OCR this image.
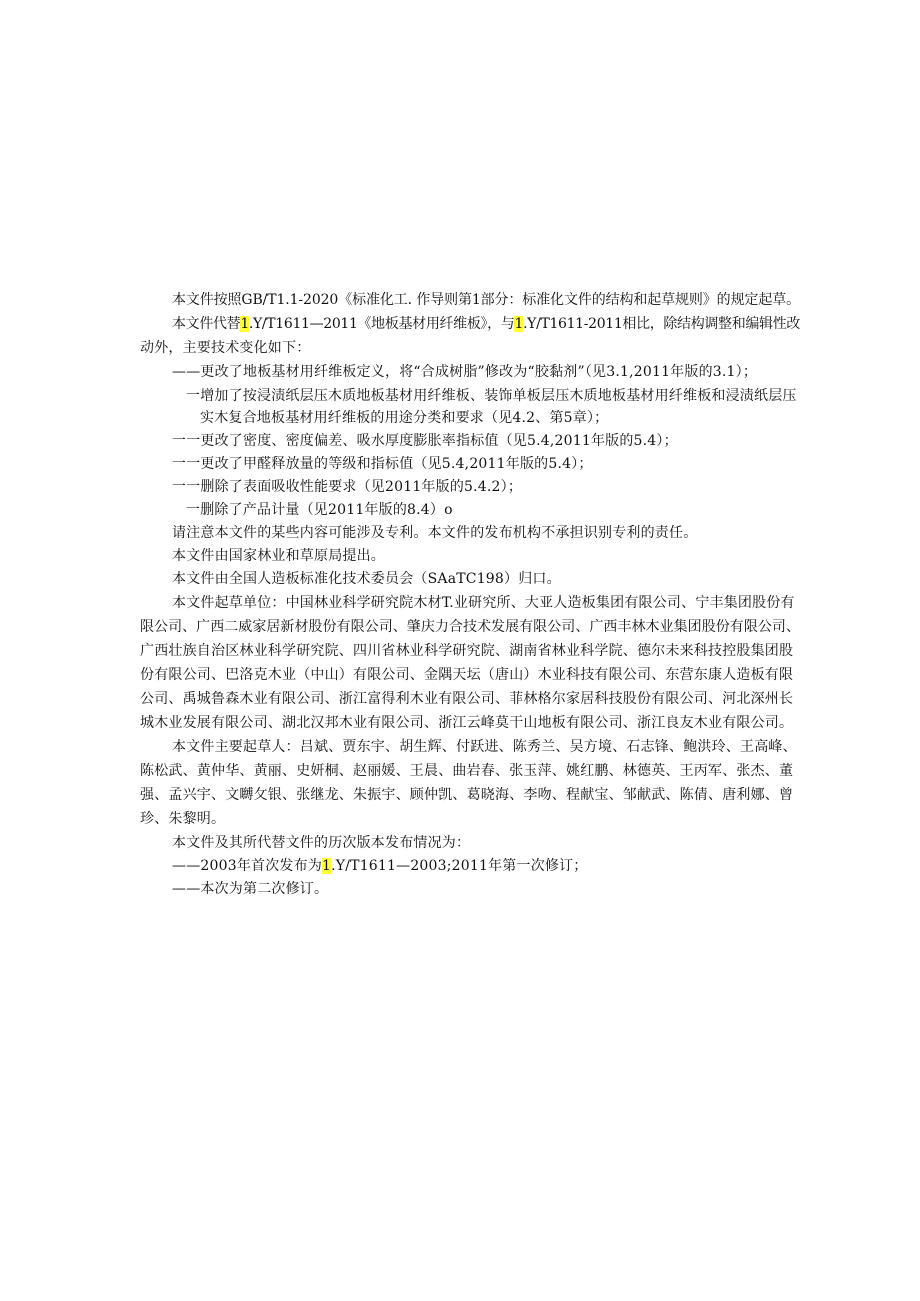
本文件按照GB/T1.1-2020《标准化工. 作导则第1部分：标准化文件的结构和起草规则》的规定起草。
本文件代替1.Y/T1611—2011《地板基材用纤维板》，与1.Y/T1611-2011相比，除结构调整和编辑性改
动外，主要技术变化如下：
——更改了地板基材用纤维板定义，将“合成树脂”修改为“胶黏剂”（见3.1,2011年版的3.1）；
一增加了按浸渍纸层压木质地板基材用纤维板、装饰单板层压木质地板基材用纤维板和浸渍纸层压
实木复合地板基材用纤维板的用途分类和要求（见4.2、第5章）；
一一更改了密度、密度偏差、吸水厚度膨胀率指标值（见5.4,2011年版的5.4）；
一一更改了甲醛释放量的等级和指标值（见5.4,2011年版的5.4）；
一一删除了表面吸收性能要求（见2011年版的5.4.2）；
一删除了产品计量（见2011年版的8.4）o
请注意本文件的某些内容可能涉及专利。本文件的发布机构不承担识别专利的责任。
本文件由国家林业和草原局提出。
本文件由全国人造板标准化技术委员会（SAaTC198）归口。
本文件起草单位：中国林业科学研究院木材T.业研究所、大亚人造板集团有限公司、宁丰集团股份有
限公司、广西二威家居新材股份有限公司、肇庆力合技术发展有限公司、广西丰林木业集团股份有限公司、
广西壮族自治区林业科学研究院、四川省林业科学研究院、湖南省林业科学院、德尔未来科技控股集团股
份有限公司、巴洛克木业（中山）有限公司、金隅天坛（唐山）木业科技有限公司、东营东康人造板有限
公司、禹城鲁森木业有限公司、浙江富得利木业有限公司、菲林格尔家居科技股份有限公司、河北深州长
城木业发展有限公司、湖北汉邦木业有限公司、浙江云峰莫干山地板有限公司、浙江良友木业有限公司。
本文件主要起草人：吕斌、贾东宇、胡生辉、付跃进、陈秀兰、吴方境、石志锋、鲍洪玲、王高峰、
陈松武、黄仲华、黄丽、史妍桐、赵丽媛、王晨、曲岩春、张玉萍、姚红鹏、林德英、王丙军、张杰、董
强、孟兴宇、文嚩攵银、张继龙、朱振宇、顾仲凯、葛晓海、李吻、程献宝、邹献武、陈倩、唐利娜、曾
珍、朱黎明。
本文件及其所代替文件的历次版本发布情况为：
——2003年首次发布为1.Y/T1611—2003;2011年第一次修订；
——本次为第二次修订。
